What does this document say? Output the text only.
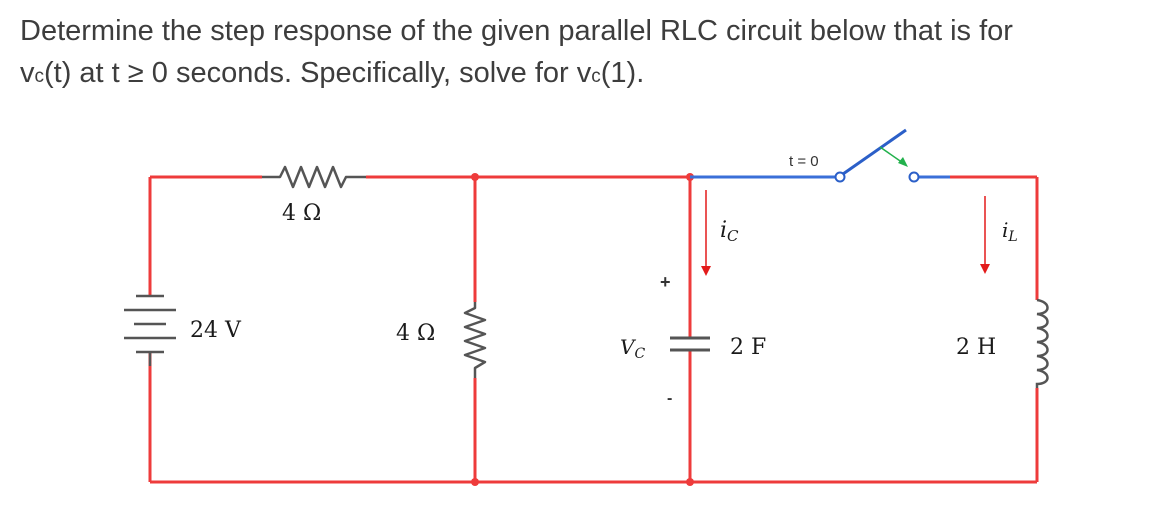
Determine the step response of the given parallel RLC circuit below that is for
vc(t) at t ≥ 0 seconds. Specifically, solve for vc(1).
t = 0
4 Ω
24 V	4 Ω
2 F
+
-
$V_C$
iC	$i_L$
2 H
